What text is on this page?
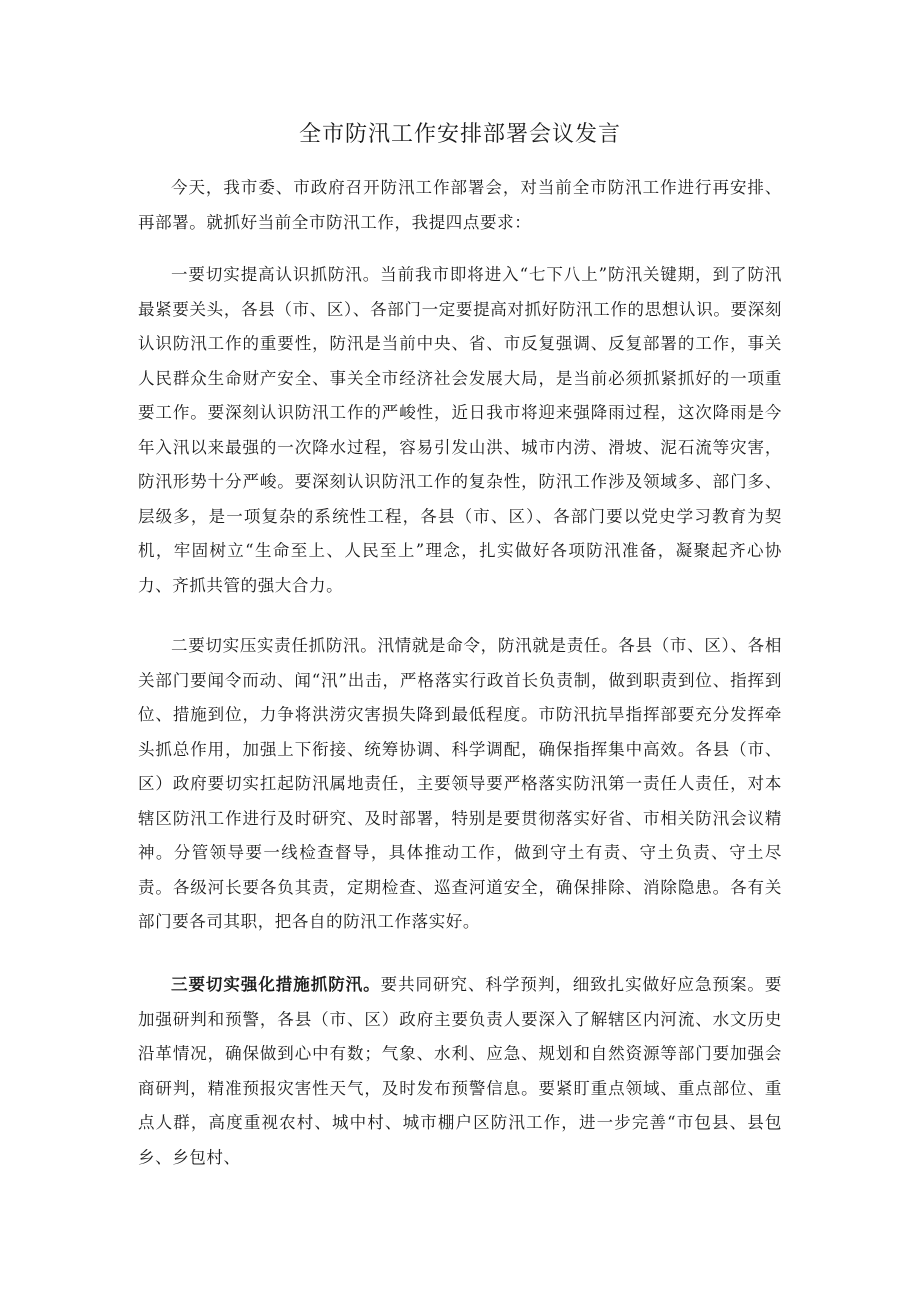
全市防汛工作安排部署会议发言

今天，我市委、市政府召开防汛工作部署会，对当前全市防汛工作进行再安排、再部署。就抓好当前全市防汛工作，我提四点要求：

一要切实提高认识抓防汛。当前我市即将进入“七下八上”防汛关键期，到了防汛最紧要关头，各县（市、区）、各部门一定要提高对抓好防汛工作的思想认识。要深刻认识防汛工作的重要性，防汛是当前中央、省、市反复强调、反复部署的工作，事关人民群众生命财产安全、事关全市经济社会发展大局，是当前必须抓紧抓好的一项重要工作。要深刻认识防汛工作的严峻性，近日我市将迎来强降雨过程，这次降雨是今年入汛以来最强的一次降水过程，容易引发山洪、城市内涝、滑坡、泥石流等灾害，防汛形势十分严峻。要深刻认识防汛工作的复杂性，防汛工作涉及领域多、部门多、层级多，是一项复杂的系统性工程，各县（市、区）、各部门要以党史学习教育为契机，牢固树立“生命至上、人民至上”理念，扎实做好各项防汛准备，凝聚起齐心协力、齐抓共管的强大合力。

二要切实压实责任抓防汛。汛情就是命令，防汛就是责任。各县（市、区）、各相关部门要闻令而动、闻“汛”出击，严格落实行政首长负责制，做到职责到位、指挥到位、措施到位，力争将洪涝灾害损失降到最低程度。市防汛抗旱指挥部要充分发挥牵头抓总作用，加强上下衔接、统筹协调、科学调配，确保指挥集中高效。各县（市、区）政府要切实扛起防汛属地责任，主要领导要严格落实防汛第一责任人责任，对本辖区防汛工作进行及时研究、及时部署，特别是要贯彻落实好省、市相关防汛会议精神。分管领导要一线检查督导，具体推动工作，做到守土有责、守土负责、守土尽责。各级河长要各负其责，定期检查、巡查河道安全，确保排除、消除隐患。各有关部门要各司其职，把各自的防汛工作落实好。

三要切实强化措施抓防汛。要共同研究、科学预判，细致扎实做好应急预案。要加强研判和预警，各县（市、区）政府主要负责人要深入了解辖区内河流、水文历史沿革情况，确保做到心中有数；气象、水利、应急、规划和自然资源等部门要加强会商研判，精准预报灾害性天气，及时发布预警信息。要紧盯重点领域、重点部位、重点人群，高度重视农村、城中村、城市棚户区防汛工作，进一步完善“市包县、县包乡、乡包村、
